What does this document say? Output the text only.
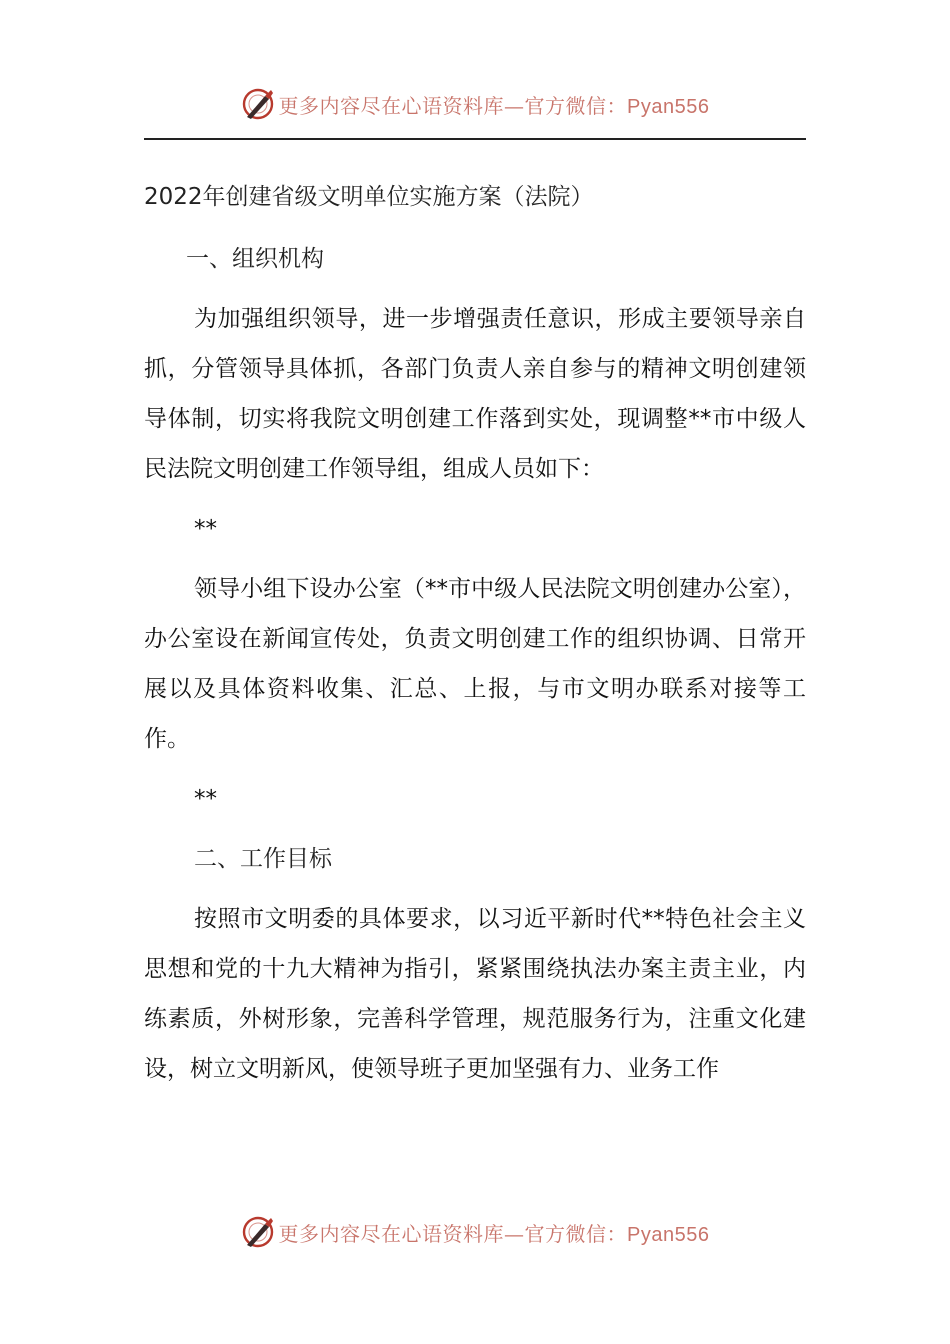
更多内容尽在心语资料库—官方微信：Pyan556
2022年创建省级文明单位实施方案（法院）
一、组织机构
为加强组织领导，进一步增强责任意识，形成主要领导亲自抓，分管领导具体抓，各部门负责人亲自参与的精神文明创建领导体制，切实将我院文明创建工作落到实处，现调整**市中级人民法院文明创建工作领导组，组成人员如下：
**
领导小组下设办公室（**市中级人民法院文明创建办公室），办公室设在新闻宣传处，负责文明创建工作的组织协调、日常开展以及具体资料收集、汇总、上报，与市文明办联系对接等工作。
**
二、工作目标
按照市文明委的具体要求，以习近平新时代**特色社会主义思想和党的十九大精神为指引，紧紧围绕执法办案主责主业，内练素质，外树形象，完善科学管理，规范服务行为，注重文化建设，树立文明新风，使领导班子更加坚强有力、业务工作
更多内容尽在心语资料库—官方微信：Pyan556
